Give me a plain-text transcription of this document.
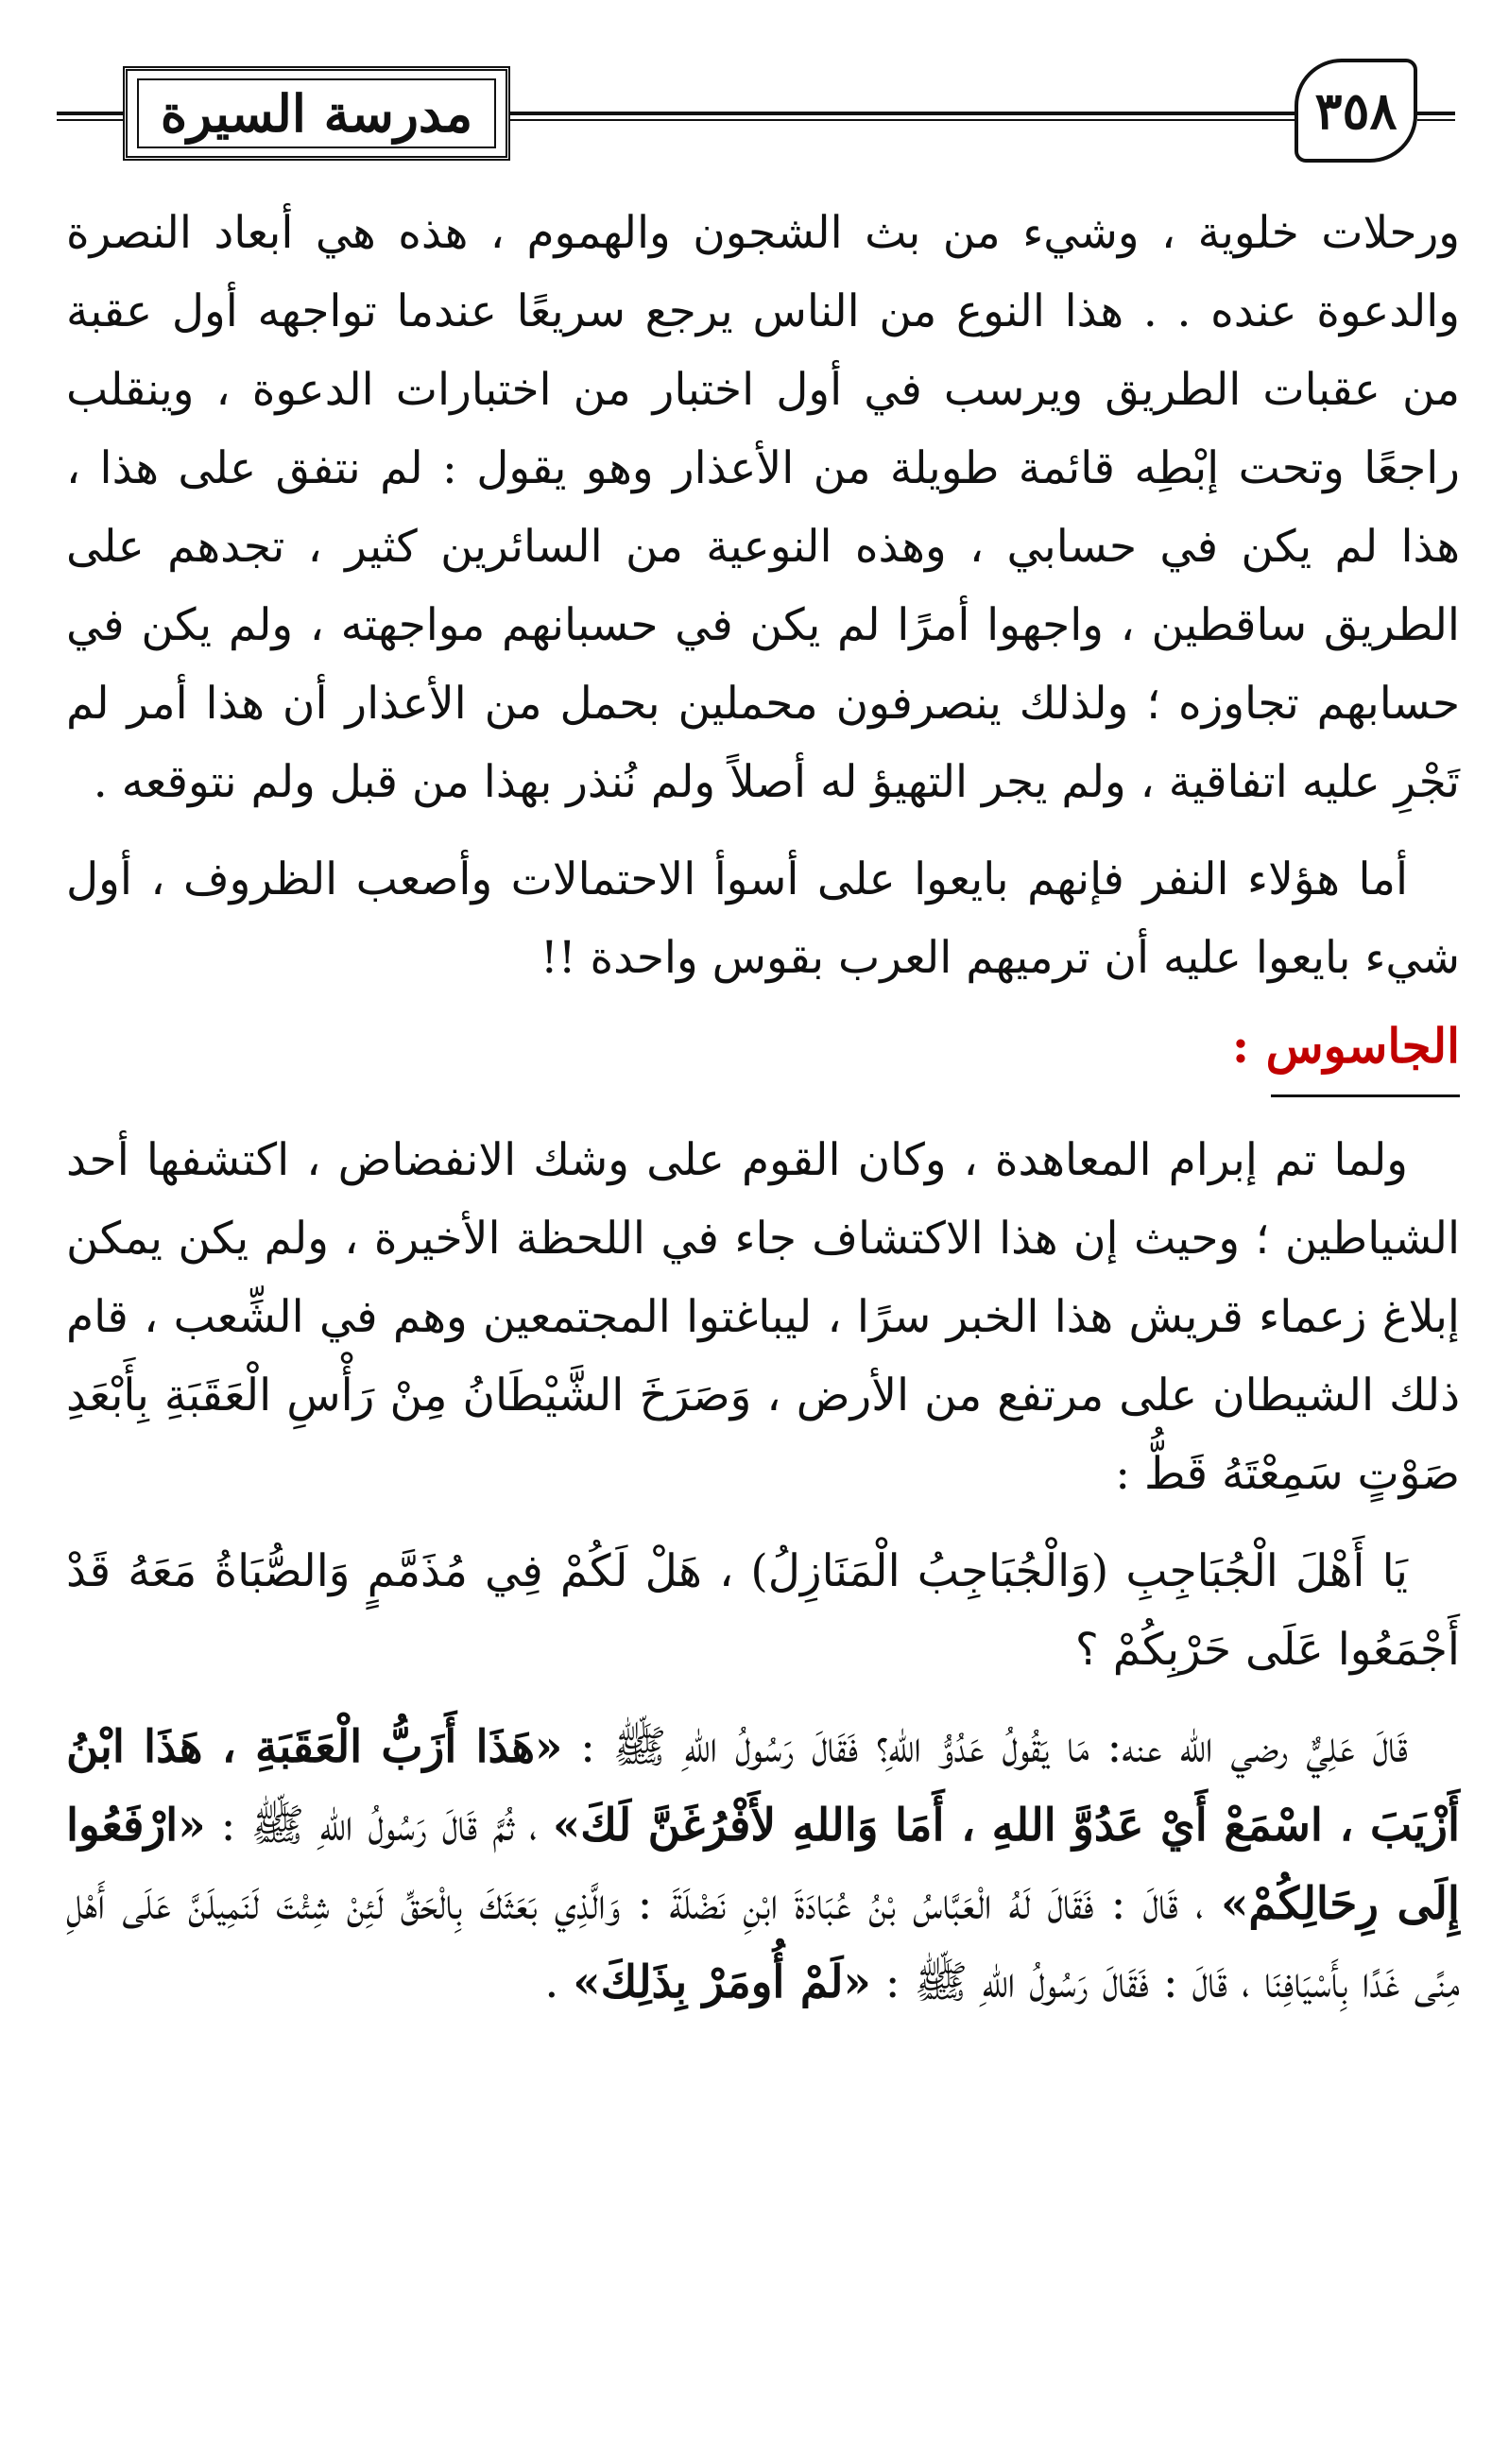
مدرسة السيرة	٣٥٨

ورحلات خلوية ، وشيء من بث الشجون والهموم ، هذه هي أبعاد النصرة والدعوة عنده . . هذا النوع من الناس يرجع سريعًا عندما تواجهه أول عقبة من عقبات الطريق ويرسب في أول اختبار من اختبارات الدعوة ، وينقلب راجعًا وتحت إبْطِه قائمة طويلة من الأعذار وهو يقول : لم نتفق على هذا ، هذا لم يكن في حسابي ، وهذه النوعية من السائرين كثير ، تجدهم على الطريق ساقطين ، واجهوا أمرًا لم يكن في حسبانهم مواجهته ، ولم يكن في حسابهم تجاوزه ؛ ولذلك ينصرفون محملين بحمل من الأعذار أن هذا أمر لم تَجْرِ عليه اتفاقية ، ولم يجر التهيؤ له أصلاً ولم نُنذر بهذا من قبل ولم نتوقعه .

أما هؤلاء النفر فإنهم بايعوا على أسوأ الاحتمالات وأصعب الظروف ، أول شيء بايعوا عليه أن ترميهم العرب بقوس واحدة !!

الجاسوس :

ولما تم إبرام المعاهدة ، وكان القوم على وشك الانفضاض ، اكتشفها أحد الشياطين ؛ وحيث إن هذا الاكتشاف جاء في اللحظة الأخيرة ، ولم يكن يمكن إبلاغ زعماء قريش هذا الخبر سرًا ، ليباغتوا المجتمعين وهم في الشِّعب ، قام ذلك الشيطان على مرتفع من الأرض ، وَصَرَخَ الشَّيْطَانُ مِنْ رَأْسِ الْعَقَبَةِ بِأَبْعَدِ صَوْتٍ سَمِعْتَهُ قَطُّ :

يَا أَهْلَ الْجُبَاجِبِ (وَالْجُبَاجِبُ الْمَنَازِلُ) ، هَلْ لَكُمْ فِي مُذَمَّمٍ وَالصُّبَاةُ مَعَهُ قَدْ أَجْمَعُوا عَلَى حَرْبِكُمْ ؟

قَالَ عَلِيٌّ رضي الله عنه: مَا يَقُولُ عَدُوُّ اللهِ؟ فَقَالَ رَسُولُ اللهِ ﷺ : «هَذَا أَزَبُّ الْعَقَبَةِ ، هَذَا ابْنُ أَزْيَبَ ، اسْمَعْ أَيْ عَدُوَّ اللهِ ، أَمَا وَاللهِ لأَفْرُغَنَّ لَكَ» ، ثُمَّ قَالَ رَسُولُ اللهِ ﷺ : «ارْفَعُوا إِلَى رِحَالِكُمْ» ، قَالَ : فَقَالَ لَهُ الْعَبَّاسُ بْنُ عُبَادَةَ ابْنِ نَضْلَةَ : وَالَّذِي بَعَثَكَ بِالْحَقِّ لَئِنْ شِئْتَ لَنَمِيلَنَّ عَلَى أَهْلِ مِنًى غَدًا بِأَسْيَافِنَا ، قَالَ : فَقَالَ رَسُولُ اللهِ ﷺ : «لَمْ أُومَرْ بِذَلِكَ» .
